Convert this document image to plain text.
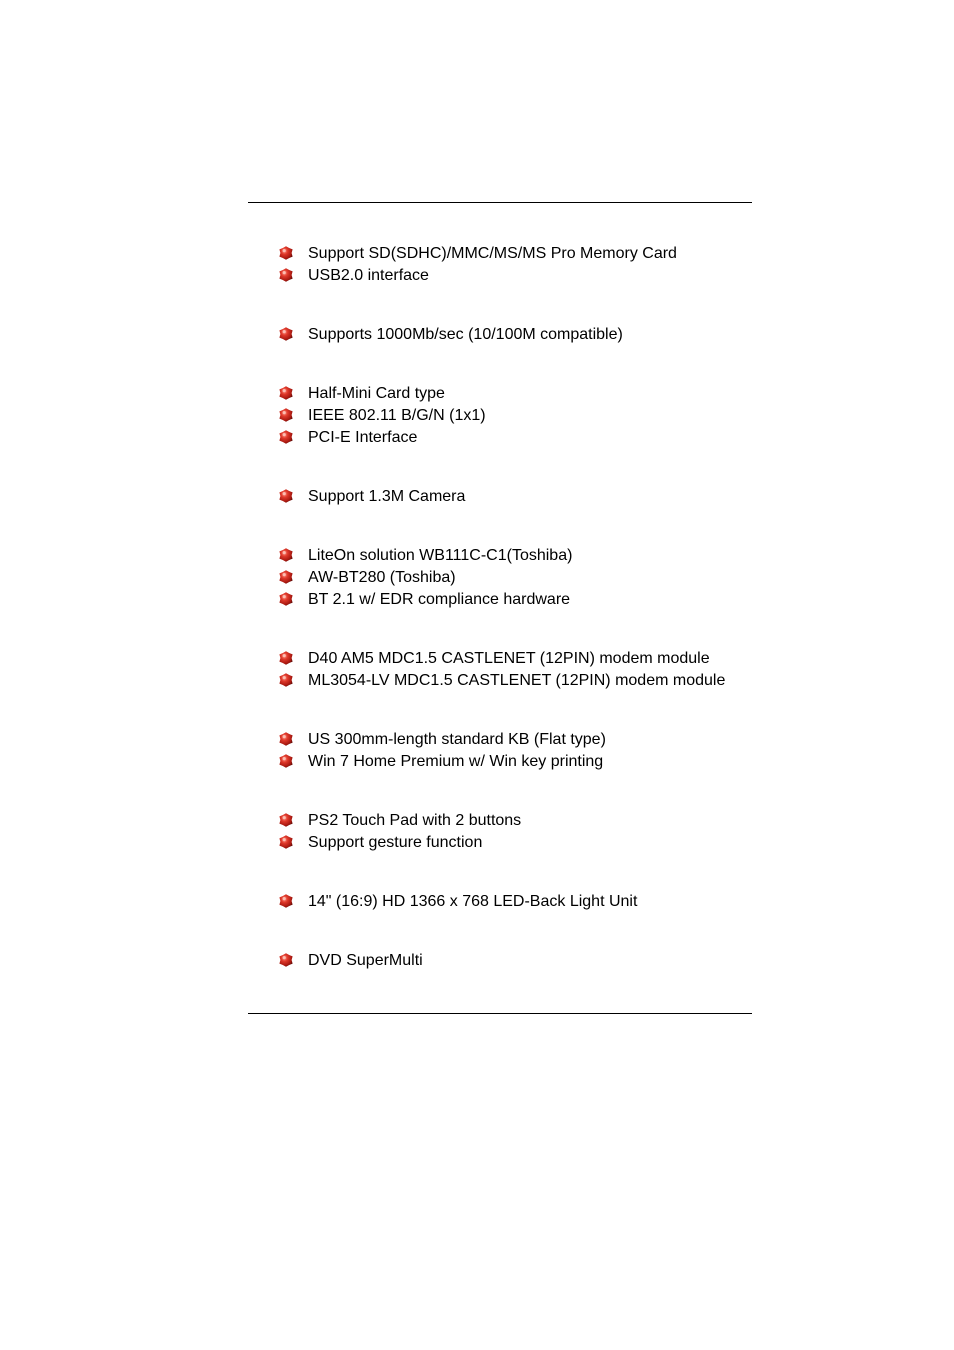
Support SD(SDHC)/MMC/MS/MS Pro Memory Card
USB2.0 interface
Supports 1000Mb/sec (10/100M compatible)
Half-Mini Card type
IEEE 802.11 B/G/N (1x1)
PCI-E Interface
Support 1.3M Camera
LiteOn solution WB111C-C1(Toshiba)
AW-BT280 (Toshiba)
BT 2.1 w/ EDR compliance hardware
D40 AM5 MDC1.5 CASTLENET (12PIN) modem module
ML3054-LV MDC1.5 CASTLENET (12PIN) modem module
US 300mm-length standard KB (Flat type)
Win 7 Home Premium w/ Win key printing
PS2 Touch Pad with 2 buttons
Support gesture function
14" (16:9) HD 1366 x 768 LED-Back Light Unit
DVD SuperMulti
